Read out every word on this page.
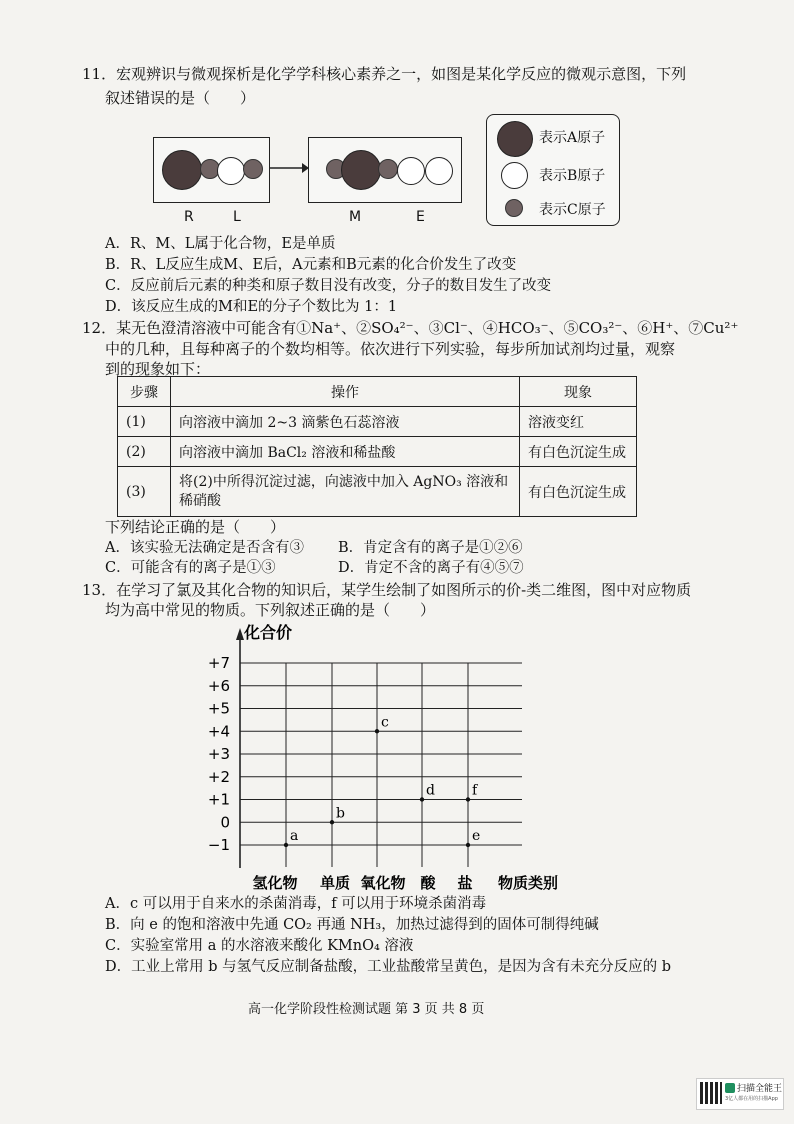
11．宏观辨识与微观探析是化学学科核心素养之一，如图是某化学反应的微观示意图，下列
叙述错误的是（　　）
R	L	M	E
表示A原子
表示B原子
表示C原子
A．R、M、L属于化合物，E是单质
B．R、L反应生成M、E后，A元素和B元素的化合价发生了改变
C．反应前后元素的种类和原子数目没有改变，分子的数目发生了改变
D．该反应生成的M和E的分子个数比为 1：1
12．某无色澄清溶液中可能含有①Na⁺、②SO₄²⁻、③Cl⁻、④HCO₃⁻、⑤CO₃²⁻、⑥H⁺、⑦Cu²⁺
中的几种，且每种离子的个数均相等。依次进行下列实验，每步所加试剂均过量，观察
到的现象如下：
步骤	操作	现象
(1)	向溶液中滴加 2~3 滴紫色石蕊溶液	溶液变红
(2)	向溶液中滴加 BaCl₂ 溶液和稀盐酸	有白色沉淀生成
(3)	将(2)中所得沉淀过滤，向滤液中加入 AgNO₃ 溶液和稀硝酸	有白色沉淀生成
下列结论正确的是（　　）
A．该实验无法确定是否含有③ B．肯定含有的离子是①②⑥
C．可能含有的离子是①③	D．肯定不含的离子有④⑤⑦
13．在学习了氯及其化合物的知识后，某学生绘制了如图所示的价-类二维图，图中对应物质
均为高中常见的物质。下列叙述正确的是（　　）
化合价
+7
+6
+5
+4
+3
+2
+1
0
−1
氢化物 单质 氧化物 酸 盐
a
b
c
d
e
f
物质类别
A．c 可以用于自来水的杀菌消毒，f 可以用于环境杀菌消毒
B．向 e 的饱和溶液中先通 CO₂ 再通 NH₃，加热过滤得到的固体可制得纯碱
C．实验室常用 a 的水溶液来酸化 KMnO₄ 溶液
D．工业上常用 b 与氢气反应制备盐酸，工业盐酸常呈黄色，是因为含有未充分反应的 b
高一化学阶段性检测试题 第 3 页 共 8 页
扫描全能王
3亿人都在用的扫描App
